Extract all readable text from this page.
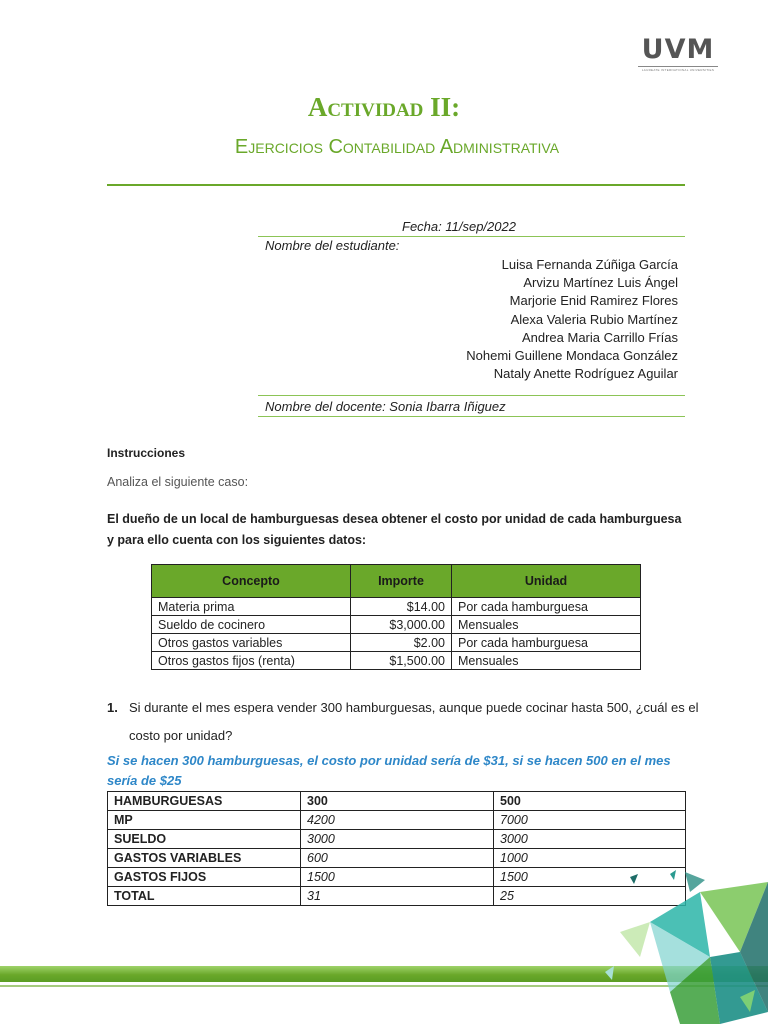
UVM
LAUREATE INTERNATIONAL UNIVERSITIES
Actividad II:
Ejercicios Contabilidad Administrativa
Fecha: 11/sep/2022
Nombre del estudiante:
Luisa Fernanda Zúñiga García
Arvizu Martínez Luis Ángel
Marjorie Enid Ramirez Flores
Alexa Valeria Rubio Martínez
Andrea Maria Carrillo Frías
Nohemi Guillene Mondaca González
Nataly Anette Rodríguez Aguilar
Nombre del docente: Sonia Ibarra Iñiguez
Instrucciones
Analiza el siguiente caso:
El dueño de un local de hamburguesas desea obtener el costo por unidad de cada hamburguesa y para ello cuenta con los siguientes datos:
Concepto	Importe	Unidad
Materia prima	$14.00	Por cada hamburguesa
Sueldo de cocinero	$3,000.00	Mensuales
Otros gastos variables	$2.00	Por cada hamburguesa
Otros gastos fijos (renta)	$1,500.00	Mensuales
1. Si durante el mes espera vender 300 hamburguesas, aunque puede cocinar hasta 500, ¿cuál es el costo por unidad?
Si se hacen 300 hamburguesas, el costo por unidad sería de $31, si se hacen 500 en el mes sería de $25
HAMBURGUESAS	300	500
MP	4200	7000
SUELDO	3000	3000
GASTOS VARIABLES	600	1000
GASTOS FIJOS	1500	1500
TOTAL	31	25
